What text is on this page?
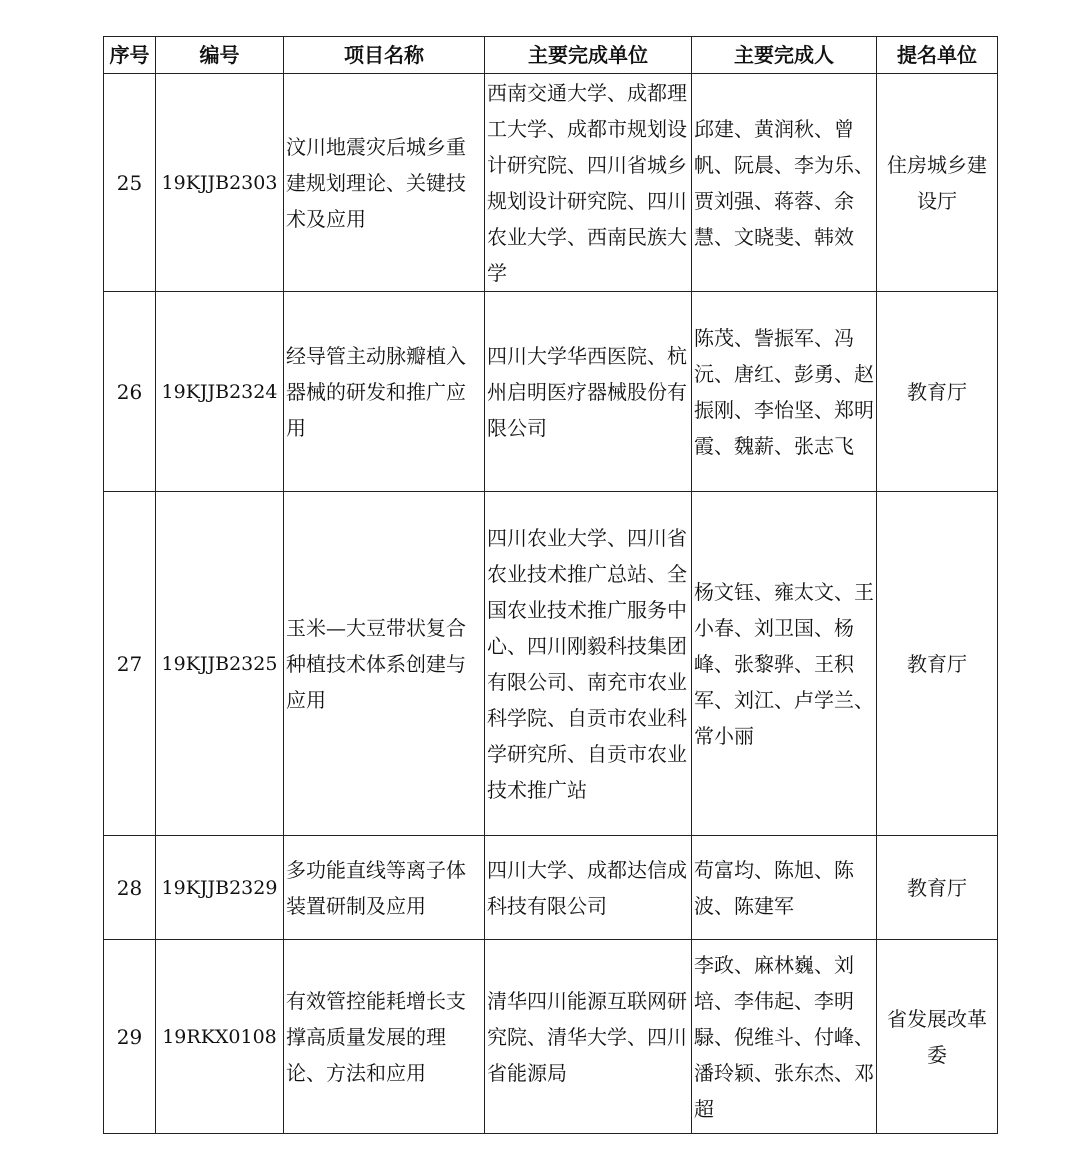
序号	编号	项目名称	主要完成单位	主要完成人	提名单位
25	19KJJB2303	汶川地震灾后城乡重建规划理论、关键技术及应用	西南交通大学、成都理工大学、成都市规划设计研究院、四川省城乡规划设计研究院、四川农业大学、西南民族大学	邱建、黄润秋、曾帆、阮晨、李为乐、贾刘强、蒋蓉、余慧、文晓斐、韩效	住房城乡建设厅
26	19KJJB2324	经导管主动脉瓣植入器械的研发和推广应用	四川大学华西医院、杭州启明医疗器械股份有限公司	陈茂、訾振军、冯沅、唐红、彭勇、赵振刚、李怡坚、郑明霞、魏薪、张志飞	教育厅
27	19KJJB2325	玉米—大豆带状复合种植技术体系创建与应用	四川农业大学、四川省农业技术推广总站、全国农业技术推广服务中心、四川刚毅科技集团有限公司、南充市农业科学院、自贡市农业科学研究所、自贡市农业技术推广站	杨文钰、雍太文、王小春、刘卫国、杨峰、张黎骅、王积军、刘江、卢学兰、常小丽	教育厅
28	19KJJB2329	多功能直线等离子体装置研制及应用	四川大学、成都达信成科技有限公司	苟富均、陈旭、陈波、陈建军	教育厅
29	19RKX0108	有效管控能耗增长支撑高质量发展的理论、方法和应用	清华四川能源互联网研究院、清华大学、四川省能源局	李政、麻林巍、刘培、李伟起、李明騄、倪维斗、付峰、潘玲颖、张东杰、邓超	省发展改革委
